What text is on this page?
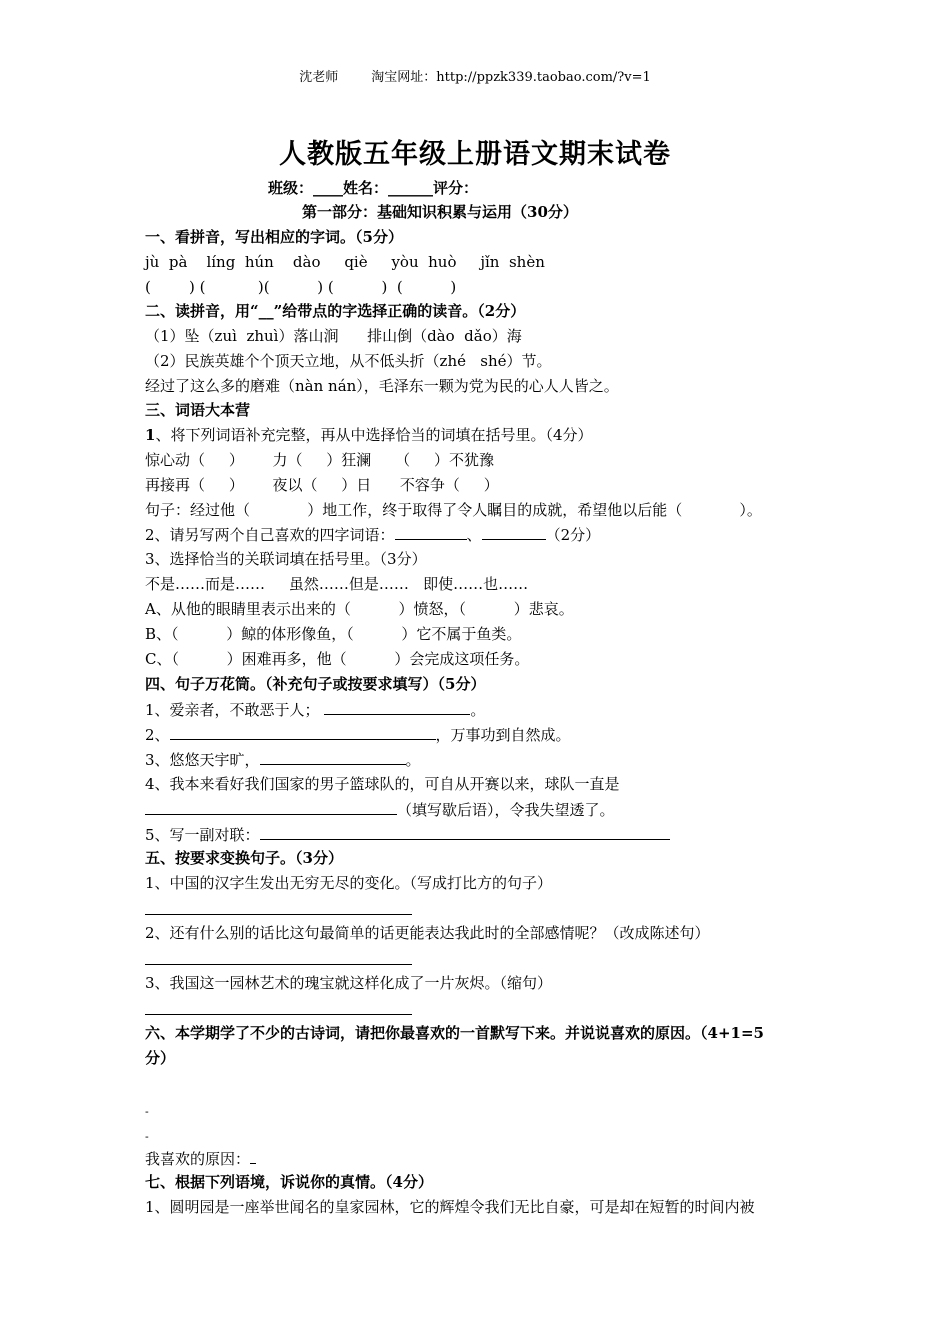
沈老师	淘宝网址：http://ppzk339.taobao.com/?v=1
人教版五年级上册语文期末试卷
班级：____姓名：______评分：
第一部分：基础知识积累与运用（30分）
一、看拼音，写出相应的字词。（5分）
jù  pà    líng  hún    dào     qiè     yòu  huò     jǐn  shèn
(        ) (           )(          ) (          )  (          )
二、读拼音，用“__”给带点的字选择正确的读音。（2分）
（1）坠（zuì  zhuì）落山涧      排山倒（dào  dǎo）海
（2）民族英雄个个顶天立地，从不低头折（zhé   shé）节。
经过了这么多的磨难（nàn nán），毛泽东一颗为党为民的心人人皆之。
三、词语大本营
1、将下列词语补充完整，再从中选择恰当的词填在括号里。（4分）
惊心动（     ）      力（     ）狂澜     （     ）不犹豫
再接再（     ）      夜以（     ）日      不容争（     ）
句子：经过他（            ）地工作，终于取得了令人瞩目的成就，希望他以后能（            ）。
2、请另写两个自己喜欢的四字词语：	、	（2分）
3、选择恰当的关联词填在括号里。（3分）
不是……而是……     虽然……但是……   即使……也……
A、从他的眼睛里表示出来的（          ）愤怒，（          ）悲哀。
B、（          ）鲸的体形像鱼，（          ）它不属于鱼类。
C、（          ）困难再多，他（          ）会完成这项任务。
四、句子万花筒。（补充句子或按要求填写）（5分）
1、爱亲者，不敢恶于人；	。
2、	，万事功到自然成。
3、悠悠天宇旷，	。
4、我本来看好我们国家的男子篮球队的，可自从开赛以来，球队一直是
（填写歇后语），令我失望透了。
5、写一副对联：
五、按要求变换句子。（3分）
1、中国的汉字生发出无穷无尽的变化。（写成打比方的句子）
2、还有什么别的话比这句最简单的话更能表达我此时的全部感情呢？（改成陈述句）
3、我国这一园林艺术的瑰宝就这样化成了一片灰烬。（缩句）
六、本学期学了不少的古诗词，请把你最喜欢的一首默写下来。并说说喜欢的原因。（4+1=5
分）
-
-
我喜欢的原因：
七、根据下列语境，诉说你的真情。（4分）
1、圆明园是一座举世闻名的皇家园林，它的辉煌令我们无比自豪，可是却在短暂的时间内被
